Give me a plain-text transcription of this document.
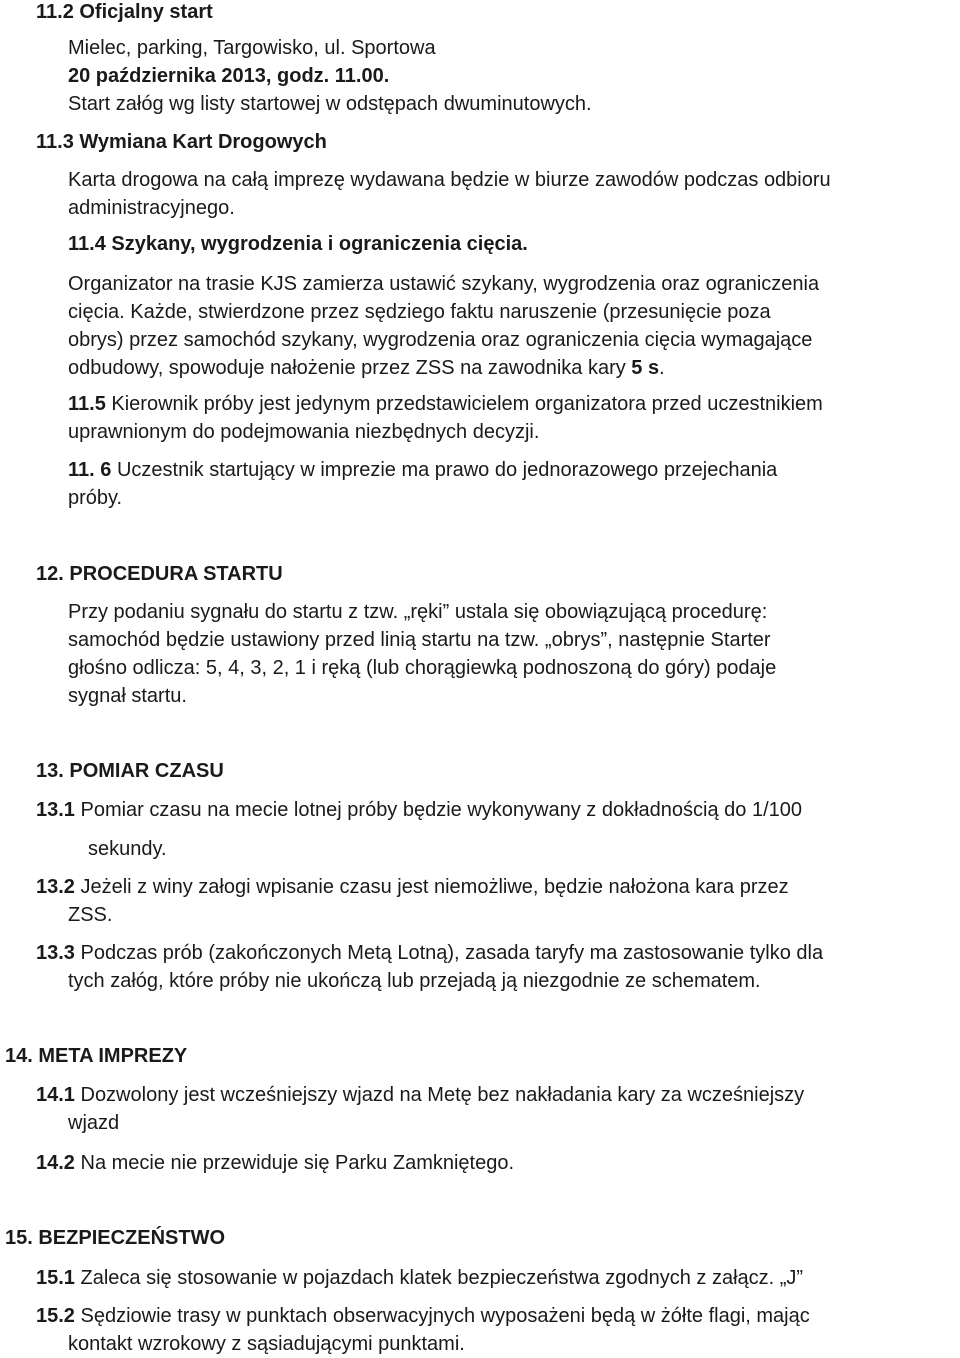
11.2 Oficjalny start
Mielec, parking, Targowisko, ul. Sportowa
20 października 2013, godz. 11.00.
Start załóg wg listy startowej w odstępach dwuminutowych.
11.3 Wymiana Kart Drogowych
Karta drogowa na całą imprezę wydawana będzie w biurze zawodów podczas odbioru
administracyjnego.
11.4 Szykany, wygrodzenia i ograniczenia cięcia.
Organizator na trasie KJS zamierza ustawić szykany, wygrodzenia oraz ograniczenia
cięcia. Każde, stwierdzone przez sędziego faktu naruszenie (przesunięcie poza
obrys) przez samochód szykany, wygrodzenia oraz ograniczenia cięcia wymagające
odbudowy, spowoduje nałożenie przez ZSS na zawodnika kary 5 s.
11.5 Kierownik próby jest jedynym przedstawicielem organizatora przed uczestnikiem
uprawnionym do podejmowania niezbędnych decyzji.
11. 6 Uczestnik startujący w imprezie ma prawo do jednorazowego przejechania
próby.
12. PROCEDURA STARTU
Przy podaniu sygnału do startu z tzw. „ręki” ustala się obowiązującą procedurę:
samochód będzie ustawiony przed linią startu na tzw. „obrys”, następnie Starter
głośno odlicza: 5, 4, 3, 2, 1 i ręką (lub chorągiewką podnoszoną do góry) podaje
sygnał startu.
13. POMIAR CZASU
13.1 Pomiar czasu na mecie lotnej próby będzie wykonywany z dokładnością do 1/100
sekundy.
13.2 Jeżeli z winy załogi wpisanie czasu jest niemożliwe, będzie nałożona kara przez
ZSS.
13.3 Podczas prób (zakończonych Metą Lotną), zasada taryfy ma zastosowanie tylko dla
tych załóg, które próby nie ukończą lub przejadą ją niezgodnie ze schematem.
14. META IMPREZY
14.1 Dozwolony jest wcześniejszy wjazd na Metę bez nakładania kary za wcześniejszy
wjazd
14.2 Na mecie nie przewiduje się Parku Zamkniętego.
15. BEZPIECZEŃSTWO
15.1 Zaleca się stosowanie w pojazdach klatek bezpieczeństwa zgodnych z załącz. „J”
15.2 Sędziowie trasy w punktach obserwacyjnych wyposażeni będą w żółte flagi, mając
kontakt wzrokowy z sąsiadującymi punktami.
